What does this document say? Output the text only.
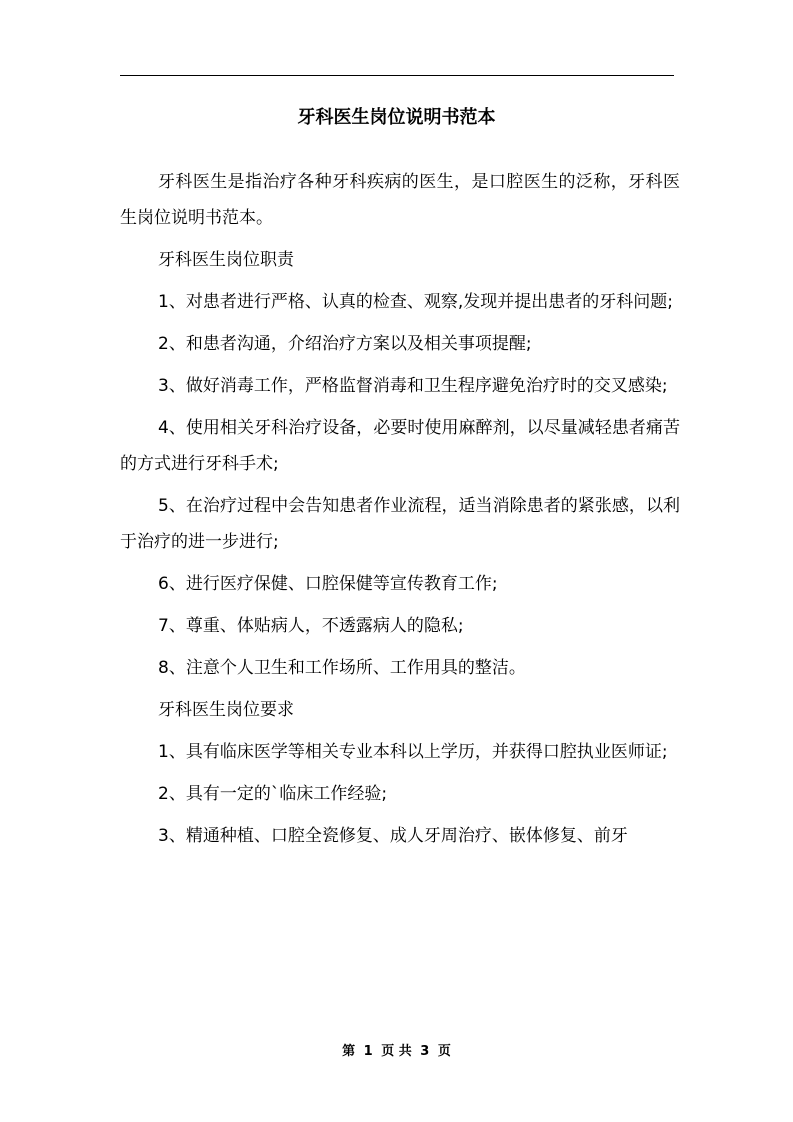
牙科医生岗位说明书范本

牙科医生是指治疗各种牙科疾病的医生，是口腔医生的泛称，牙科医生岗位说明书范本。

牙科医生岗位职责

1、对患者进行严格、认真的检查、观察,发现并提出患者的牙科问题;

2、和患者沟通，介绍治疗方案以及相关事项提醒;

3、做好消毒工作，严格监督消毒和卫生程序避免治疗时的交叉感染;

4、使用相关牙科治疗设备，必要时使用麻醉剂，以尽量减轻患者痛苦的方式进行牙科手术;

5、在治疗过程中会告知患者作业流程，适当消除患者的紧张感，以利于治疗的进一步进行;

6、进行医疗保健、口腔保健等宣传教育工作;

7、尊重、体贴病人，不透露病人的隐私;

8、注意个人卫生和工作场所、工作用具的整洁。

牙科医生岗位要求

1、具有临床医学等相关专业本科以上学历，并获得口腔执业医师证;

2、具有一定的`临床工作经验;

3、精通种植、口腔全瓷修复、成人牙周治疗、嵌体修复、前牙

第 1 页 共 3 页
